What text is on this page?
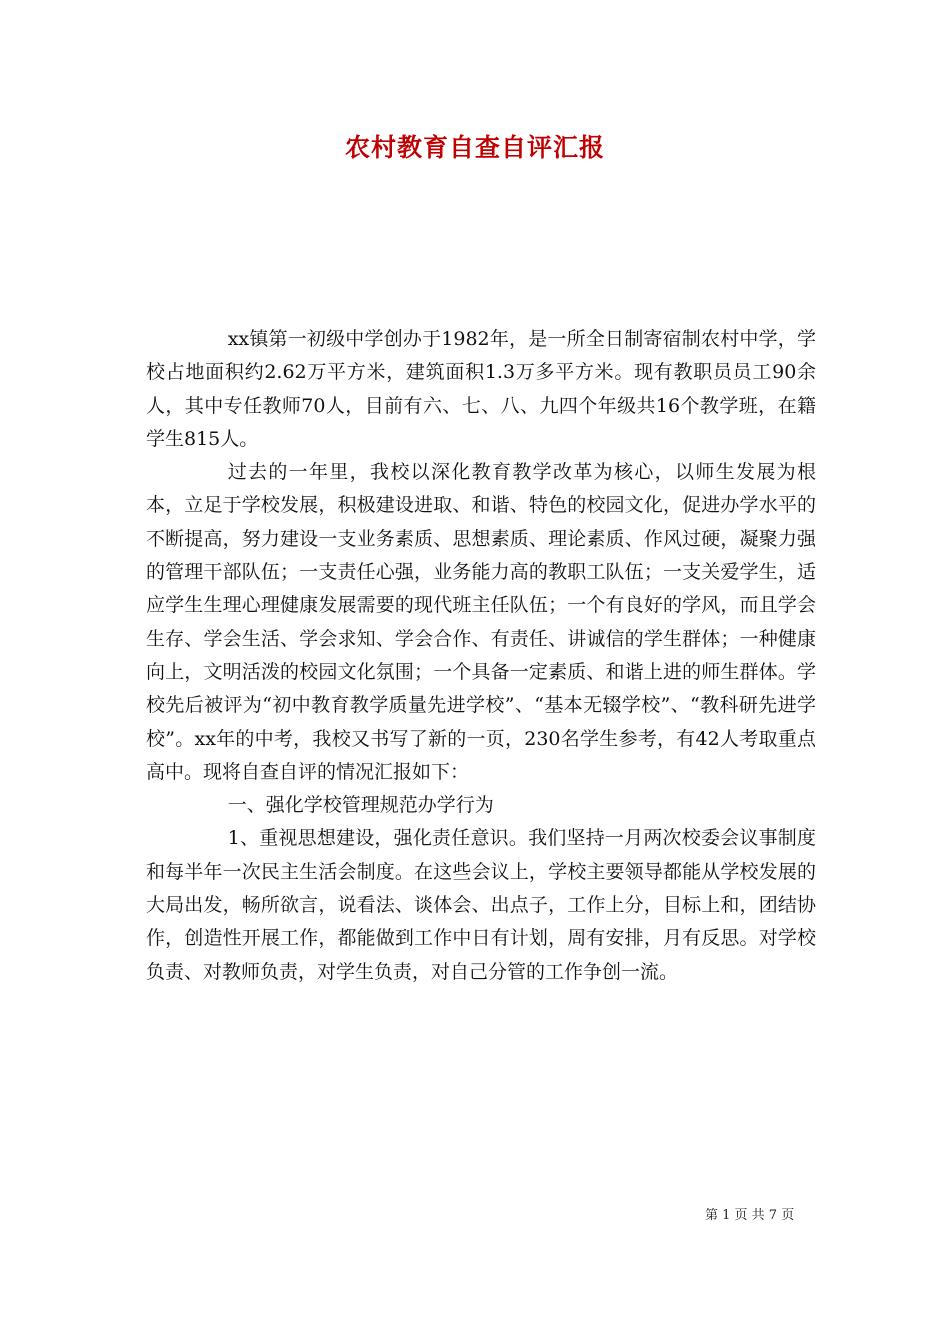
农村教育自查自评汇报

xx镇第一初级中学创办于1982年，是一所全日制寄宿制农村中学，学校占地面积约2.62万平方米，建筑面积1.3万多平方米。现有教职员员工90余人，其中专任教师70人，目前有六、七、八、九四个年级共16个教学班，在籍学生815人。

过去的一年里，我校以深化教育教学改革为核心，以师生发展为根本，立足于学校发展，积极建设进取、和谐、特色的校园文化，促进办学水平的不断提高，努力建设一支业务素质、思想素质、理论素质、作风过硬，凝聚力强的管理干部队伍；一支责任心强，业务能力高的教职工队伍；一支关爱学生，适应学生生理心理健康发展需要的现代班主任队伍；一个有良好的学风，而且学会生存、学会生活、学会求知、学会合作、有责任、讲诚信的学生群体；一种健康向上，文明活泼的校园文化氛围；一个具备一定素质、和谐上进的师生群体。学校先后被评为“初中教育教学质量先进学校”、“基本无辍学校”、“教科研先进学校”。xx年的中考，我校又书写了新的一页，230名学生参考，有42人考取重点高中。现将自查自评的情况汇报如下：

一、强化学校管理规范办学行为

1、重视思想建设，强化责任意识。我们坚持一月两次校委会议事制度和每半年一次民主生活会制度。在这些会议上，学校主要领导都能从学校发展的大局出发，畅所欲言，说看法、谈体会、出点子，工作上分，目标上和，团结协作，创造性开展工作，都能做到工作中日有计划，周有安排，月有反思。对学校负责、对教师负责，对学生负责，对自己分管的工作争创一流。

第 1 页 共 7 页
